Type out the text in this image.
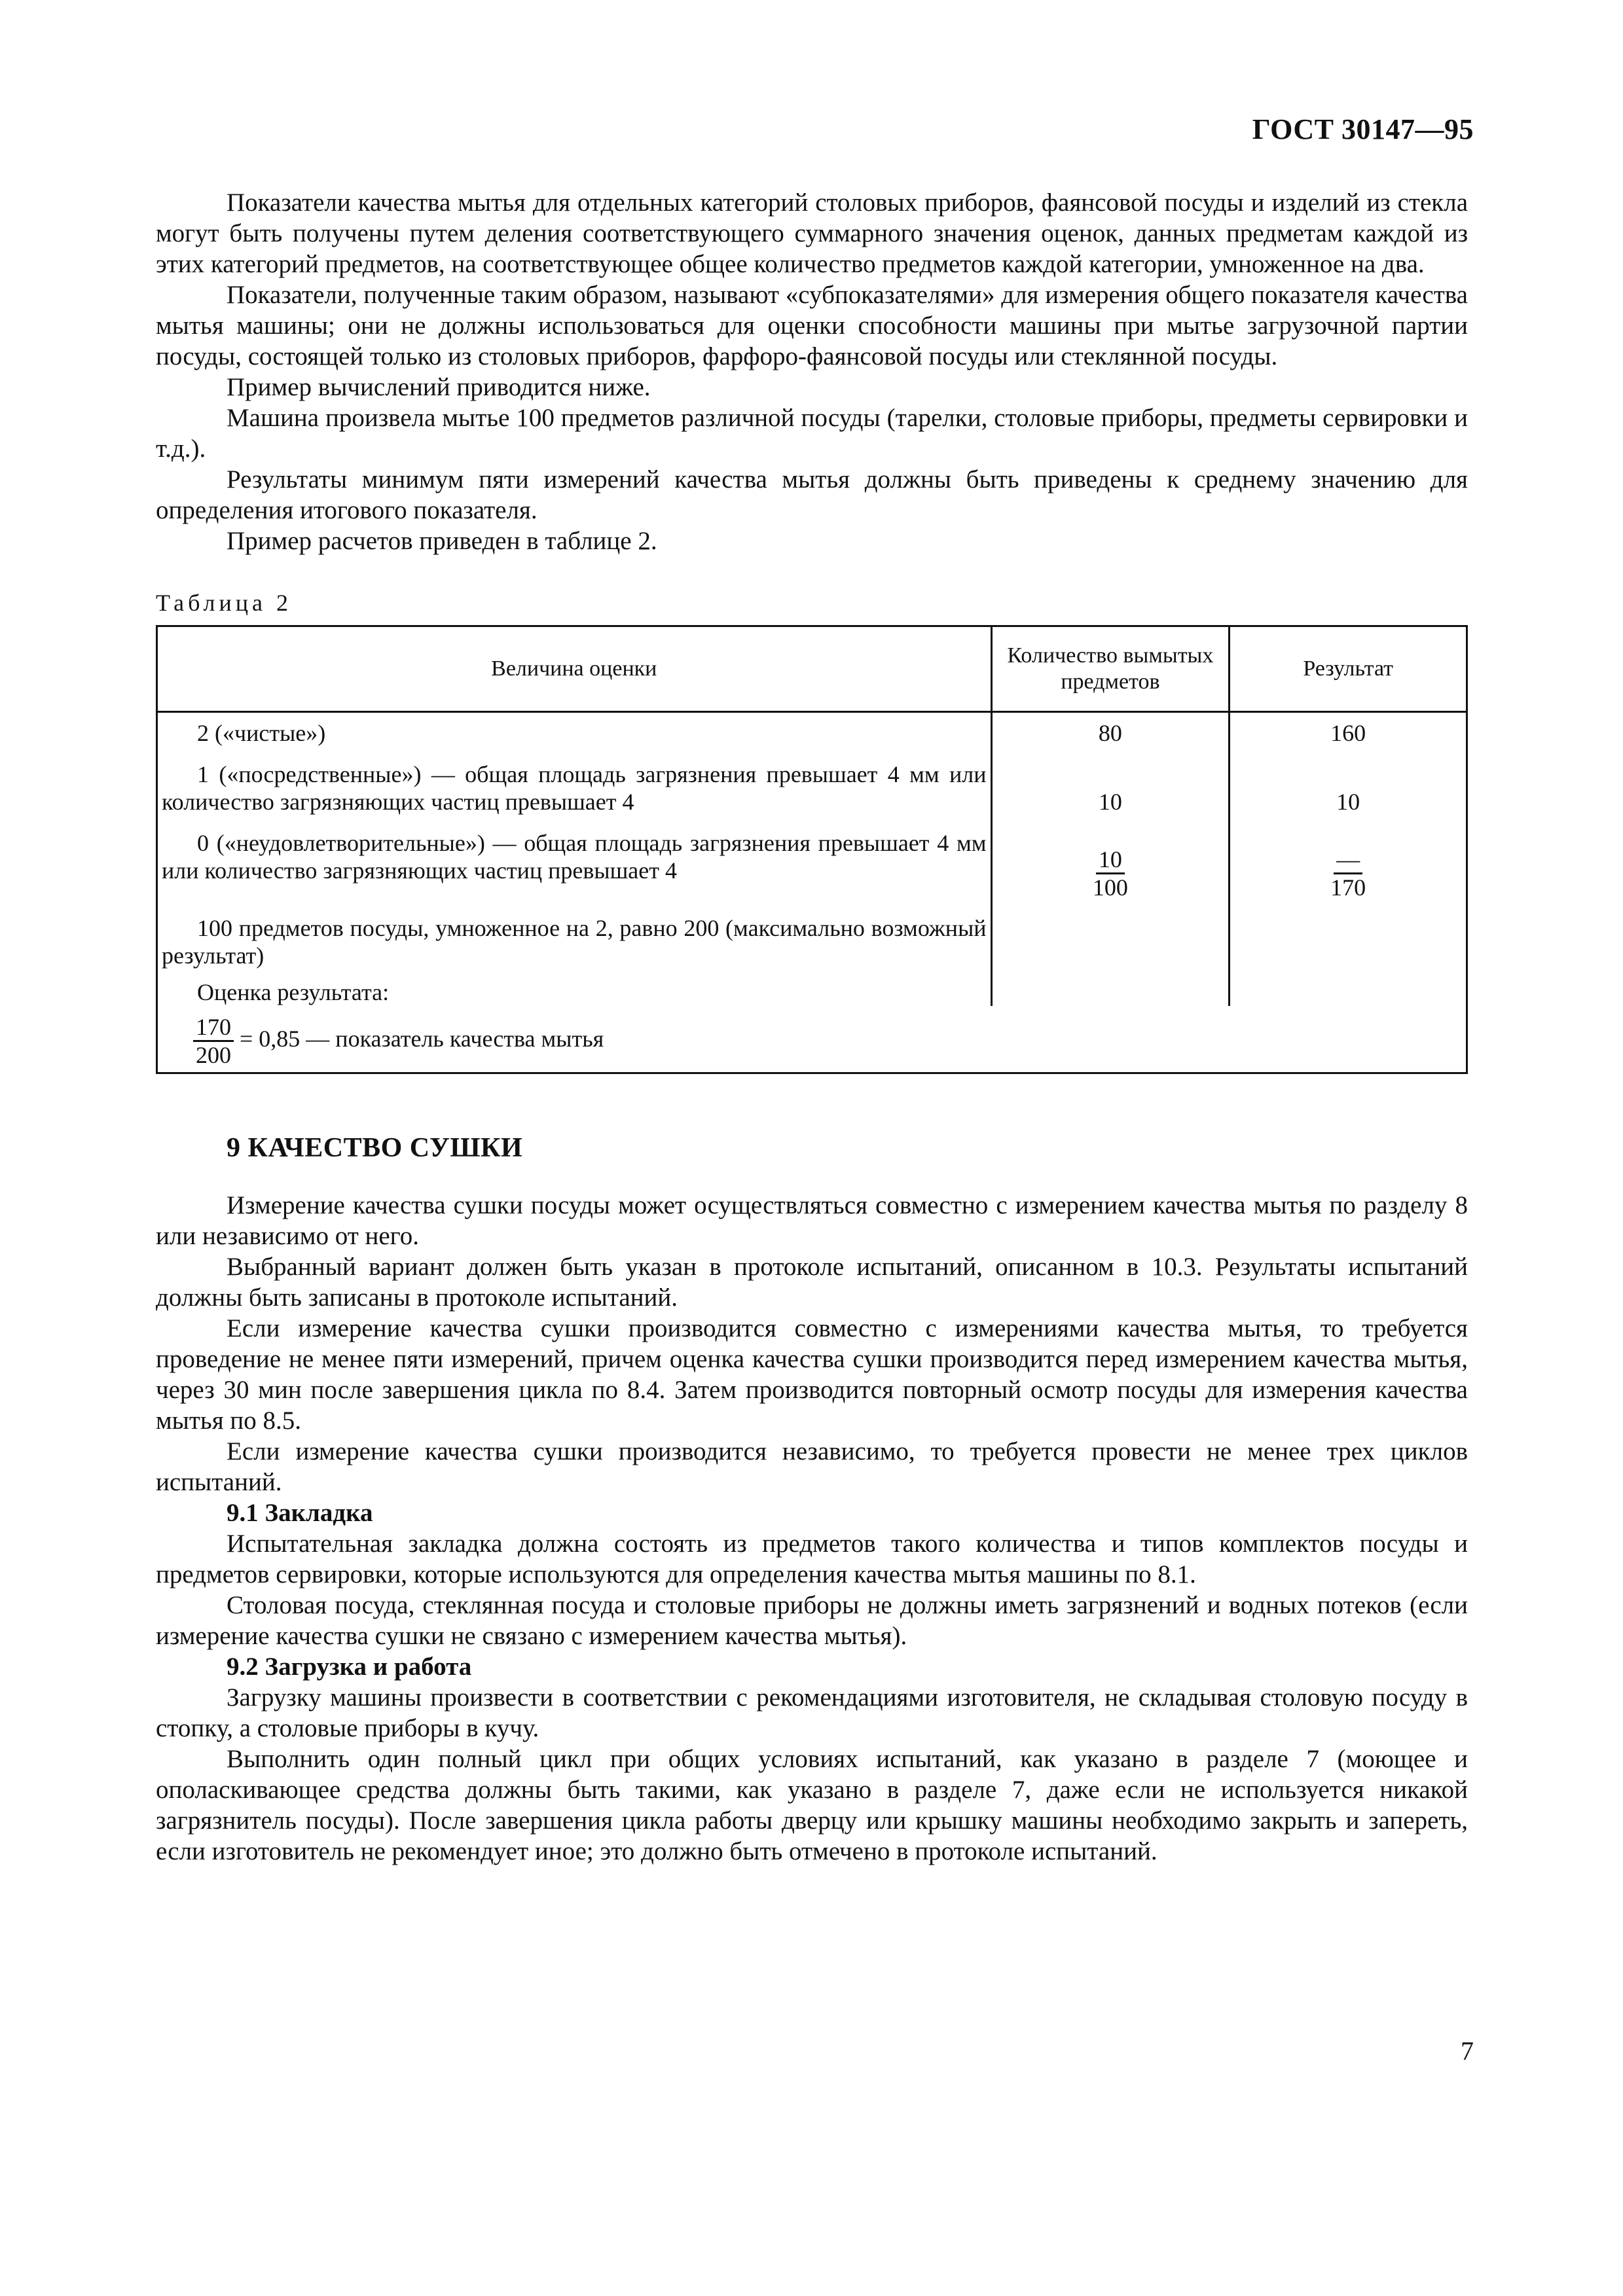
ГОСТ 30147—95

Показатели качества мытья для отдельных категорий столовых приборов, фаянсовой посуды и изделий из стекла могут быть получены путем деления соответствующего суммарного значения оценок, данных предметам каждой из этих категорий предметов, на соответствующее общее количество предметов каждой категории, умноженное на два.

Показатели, полученные таким образом, называют «субпоказателями» для измерения общего показателя качества мытья машины; они не должны использоваться для оценки способности машины при мытье загрузочной партии посуды, состоящей только из столовых приборов, фарфоро-фаянсовой посуды или стеклянной посуды.

Пример вычислений приводится ниже.

Машина произвела мытье 100 предметов различной посуды (тарелки, столовые приборы, предметы сервировки и т.д.).

Результаты минимум пяти измерений качества мытья должны быть приведены к среднему значению для определения итогового показателя.

Пример расчетов приведен в таблице 2.

Таблица 2
Величина оценки	Количество вымытых предметов	Результат

2 («чистые»)	80	160

1 («посредственные») — общая площадь загрязнения превышает 4 мм или количество загрязняющих частиц превышает 4	10	10

0 («неудовлетворительные») — общая площадь загрязнения превышает 4 мм или количество загрязняющих частиц превышает 4	$\frac{10}{100}$	$\frac{—}{170}$

100 предметов посуды, умноженное на 2, равно 200 (максимально возможный результат)
Оценка результата:		

$\frac{170}{200} = 0,85$ — показатель качества мытья		
9 КАЧЕСТВО СУШКИ

Измерение качества сушки посуды может осуществляться совместно с измерением качества мытья по разделу 8 или независимо от него.

Выбранный вариант должен быть указан в протоколе испытаний, описанном в 10.3. Результаты испытаний должны быть записаны в протоколе испытаний.

Если измерение качества сушки производится совместно с измерениями качества мытья, то требуется проведение не менее пяти измерений, причем оценка качества сушки производится перед измерением качества мытья, через 30 мин после завершения цикла по 8.4. Затем производится повторный осмотр посуды для измерения качества мытья по 8.5.

Если измерение качества сушки производится независимо, то требуется провести не менее трех циклов испытаний.

9.1 Закладка

Испытательная закладка должна состоять из предметов такого количества и типов комплектов посуды и предметов сервировки, которые используются для определения качества мытья машины по 8.1.

Столовая посуда, стеклянная посуда и столовые приборы не должны иметь загрязнений и водных потеков (если измерение качества сушки не связано с измерением качества мытья).

9.2 Загрузка и работа

Загрузку машины произвести в соответствии с рекомендациями изготовителя, не складывая столовую посуду в стопку, а столовые приборы в кучу.

Выполнить один полный цикл при общих условиях испытаний, как указано в разделе 7 (моющее и ополаскивающее средства должны быть такими, как указано в разделе 7, даже если не используется никакой загрязнитель посуды). После завершения цикла работы дверцу или крышку машины необходимо закрыть и запереть, если изготовитель не рекомендует иное; это должно быть отмечено в протоколе испытаний.

7
